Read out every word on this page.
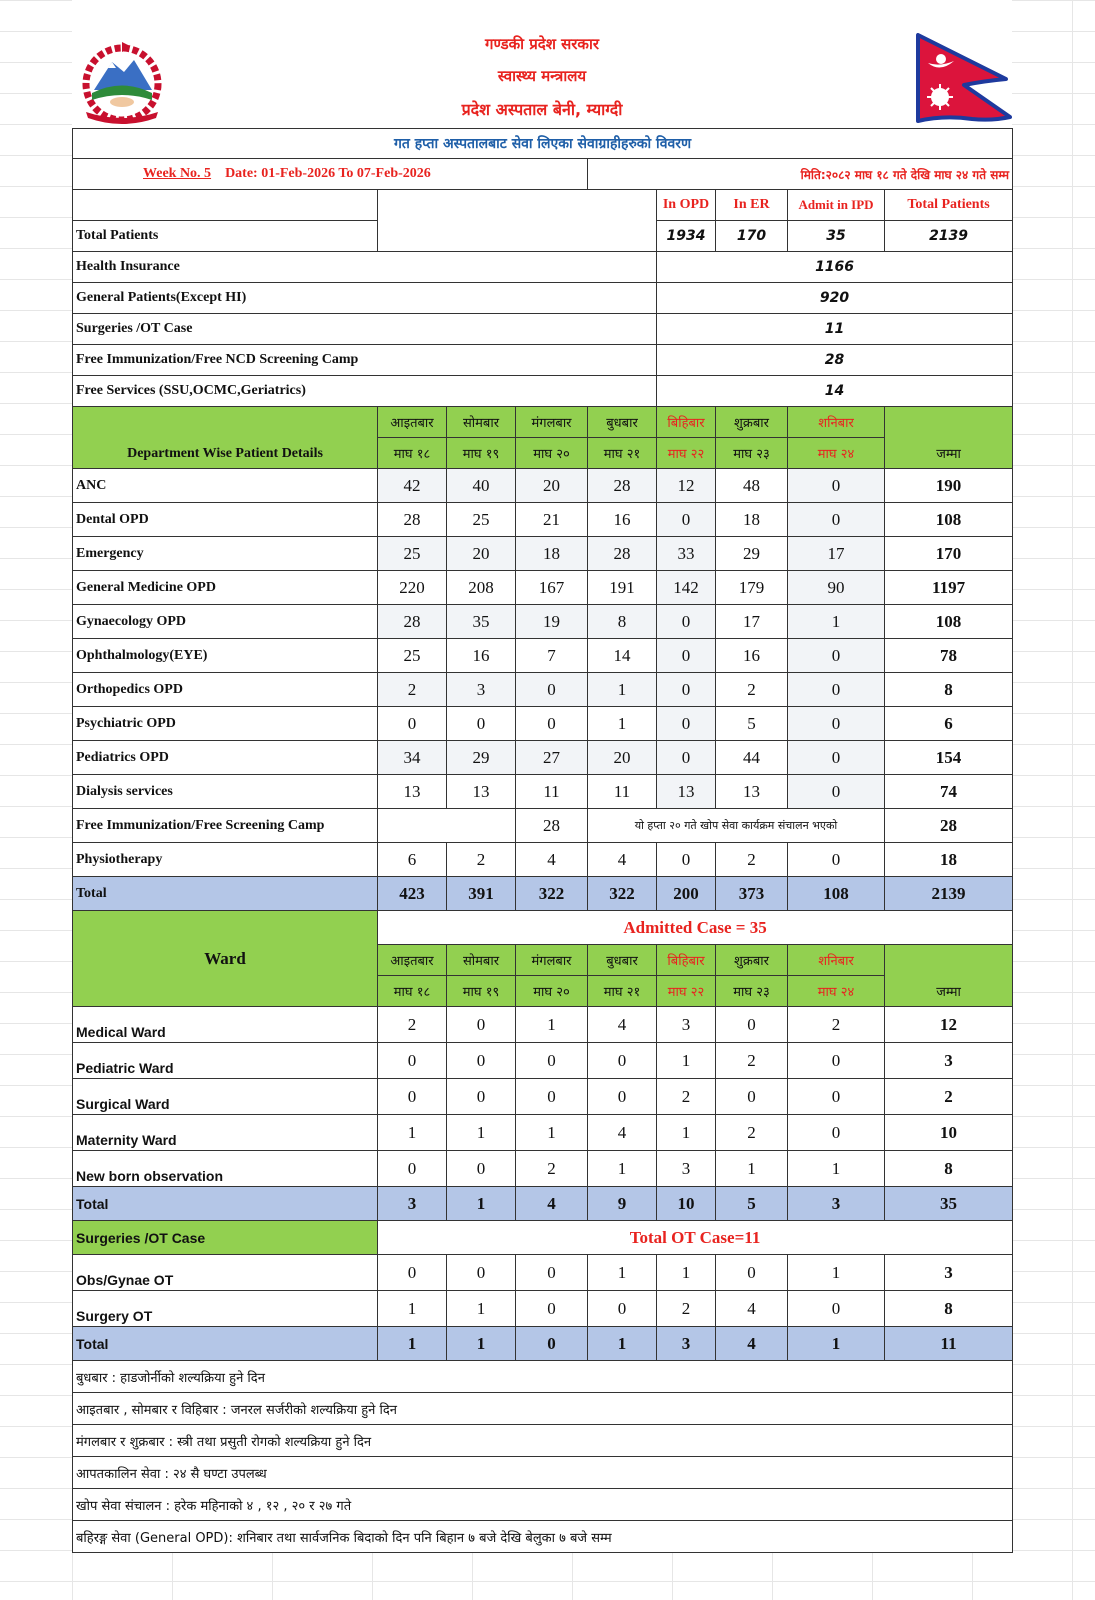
गण्डकी प्रदेश सरकार
स्वास्थ्य मन्त्रालय
प्रदेश अस्पताल बेनी, म्याग्दी
गत हप्ता अस्पतालबाट सेवा लिएका सेवाग्राहीहरुको विवरण								
Week No. 5 Date: 01-Feb-2026 To 07-Feb-2026				मिति:२०८२ माघ १८ गते देखि माघ २४ गते सम्म				
					In OPD	In ER	Admit in IPD	Total Patients
Total Patients					1934	170	35	2139
Health Insurance					1166			
General Patients(Except HI)					920			
Surgeries /OT Case					11			
Free Immunization/Free NCD Screening Camp					28			
Free Services (SSU,OCMC,Geriatrics)					14			
Department Wise Patient Details	आइतबार	सोमबार	मंगलबार	बुधबार	बिहिबार	शुक्रबार	शनिबार	जम्मा
	माघ १८	माघ १९	माघ २०	माघ २१	माघ २२	माघ २३	माघ २४	
ANC	42	40	20	28	12	48	0	190
Dental OPD	28	25	21	16	0	18	0	108
Emergency	25	20	18	28	33	29	17	170
General Medicine OPD	220	208	167	191	142	179	90	1197
Gynaecology OPD	28	35	19	8	0	17	1	108
Ophthalmology(EYE)	25	16	7	14	0	16	0	78
Orthopedics OPD	2	3	0	1	0	2	0	8
Psychiatric OPD	0	0	0	1	0	5	0	6
Pediatrics OPD	34	29	27	20	0	44	0	154
Dialysis services	13	13	11	11	13	13	0	74
Free Immunization/Free Screening Camp			28	यो हप्ता २० गते खोप सेवा कार्यक्रम संचालन भएको				28
Physiotherapy	6	2	4	4	0	2	0	18
Total	423	391	322	322	200	373	108	2139
Ward	Admitted Case = 35							
	आइतबार	सोमबार	मंगलबार	बुधबार	बिहिबार	शुक्रबार	शनिबार	जम्मा
	माघ १८	माघ १९	माघ २०	माघ २१	माघ २२	माघ २३	माघ २४	
Medical Ward	2	0	1	4	3	0	2	12
Pediatric Ward	0	0	0	0	1	2	0	3
Surgical Ward	0	0	0	0	2	0	0	2
Maternity Ward	1	1	1	4	1	2	0	10
New born observation	0	0	2	1	3	1	1	8
Total	3	1	4	9	10	5	3	35
Surgeries /OT Case	Total OT Case=11							
Obs/Gynae OT	0	0	0	1	1	0	1	3
Surgery OT	1	1	0	0	2	4	0	8
Total	1	1	0	1	3	4	1	11
बुधबार : हाडजोर्नीको शल्यक्रिया हुने दिन								
आइतबार , सोमबार र विहिबार : जनरल सर्जरीको शल्यक्रिया हुने दिन								
मंगलबार र शुक्रबार : स्त्री तथा प्रसुती रोगको शल्यक्रिया हुने दिन								
आपतकालिन सेवा : २४ सै घण्टा उपलब्ध								
खोप सेवा संचालन : हरेक महिनाको ४ , १२ , २० र २७ गते								
बहिरङ्ग सेवा (General OPD): शनिबार तथा सार्वजनिक बिदाको दिन पनि बिहान ७ बजे देखि बेलुका ७ बजे सम्म								
